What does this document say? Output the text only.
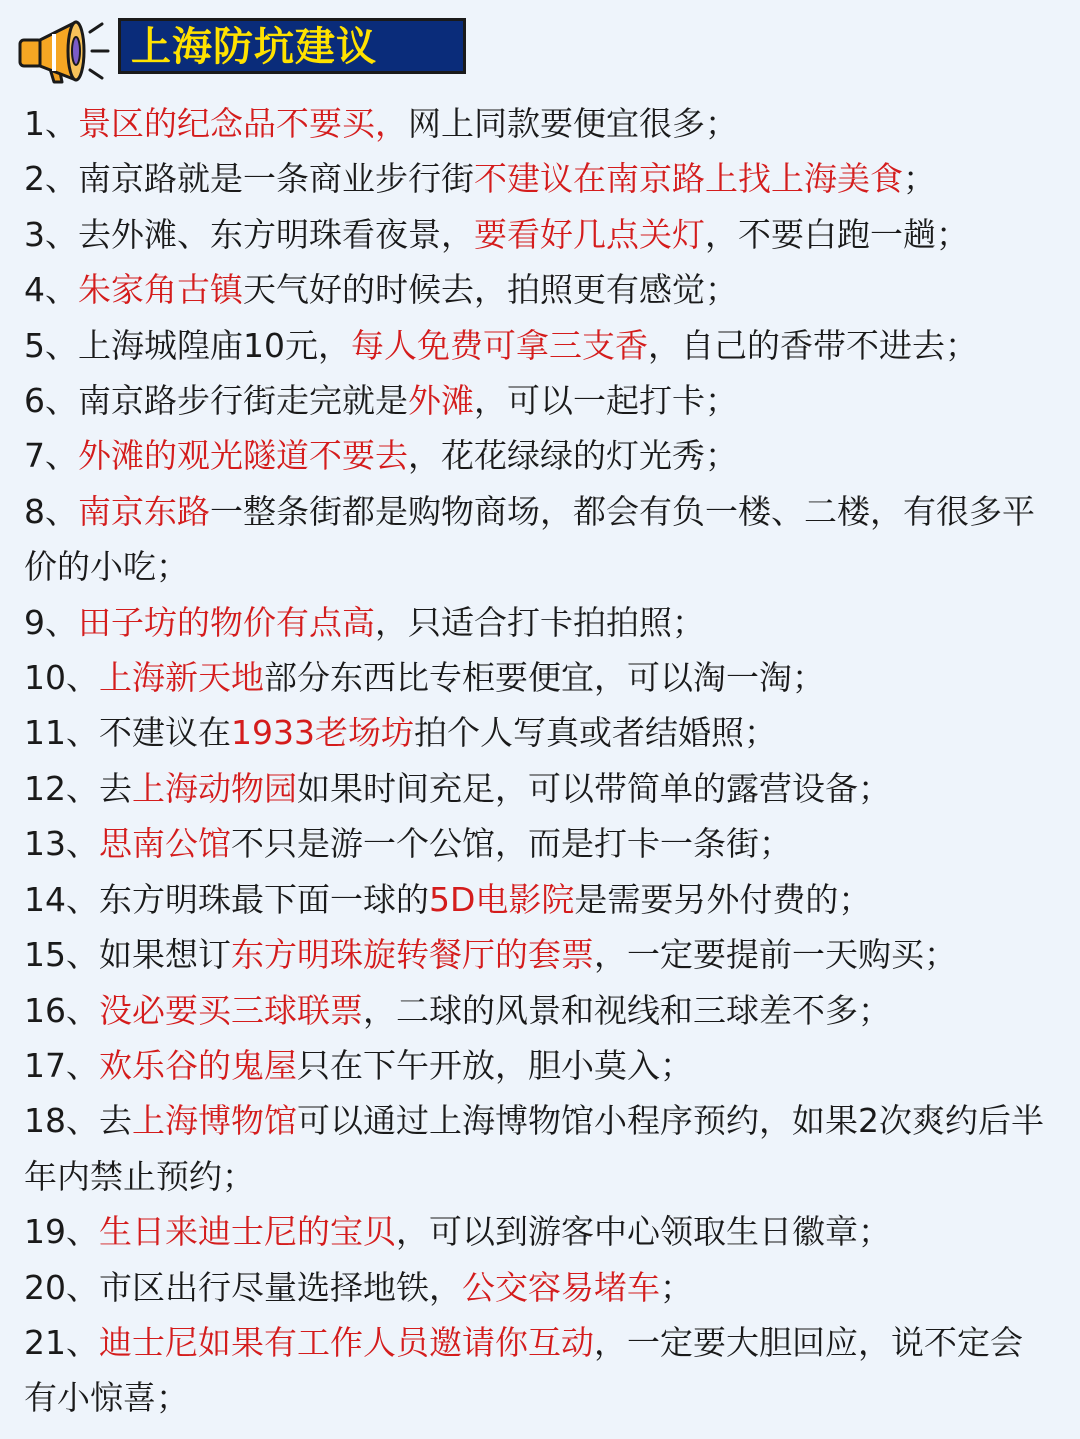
上海防坑建议
1、景区的纪念品不要买，网上同款要便宜很多；
2、南京路就是一条商业步行街不建议在南京路上找上海美食；
3、去外滩、东方明珠看夜景，要看好几点关灯，不要白跑一趟；
4、朱家角古镇天气好的时候去，拍照更有感觉；
5、上海城隍庙10元，每人免费可拿三支香，自己的香带不进去；
6、南京路步行街走完就是外滩，可以一起打卡；
7、外滩的观光隧道不要去，花花绿绿的灯光秀；
8、南京东路一整条街都是购物商场，都会有负一楼、二楼，有很多平价的小吃；
9、田子坊的物价有点高，只适合打卡拍拍照；
10、上海新天地部分东西比专柜要便宜，可以淘一淘；
11、不建议在1933老场坊拍个人写真或者结婚照；
12、去上海动物园如果时间充足，可以带简单的露营设备；
13、思南公馆不只是游一个公馆，而是打卡一条街；
14、东方明珠最下面一球的5D电影院是需要另外付费的；
15、如果想订东方明珠旋转餐厅的套票，一定要提前一天购买；
16、没必要买三球联票，二球的风景和视线和三球差不多；
17、欢乐谷的鬼屋只在下午开放，胆小莫入；
18、去上海博物馆可以通过上海博物馆小程序预约，如果2次爽约后半年内禁止预约；
19、生日来迪士尼的宝贝，可以到游客中心领取生日徽章；
20、市区出行尽量选择地铁，公交容易堵车；
21、迪士尼如果有工作人员邀请你互动，一定要大胆回应，说不定会有小惊喜；
